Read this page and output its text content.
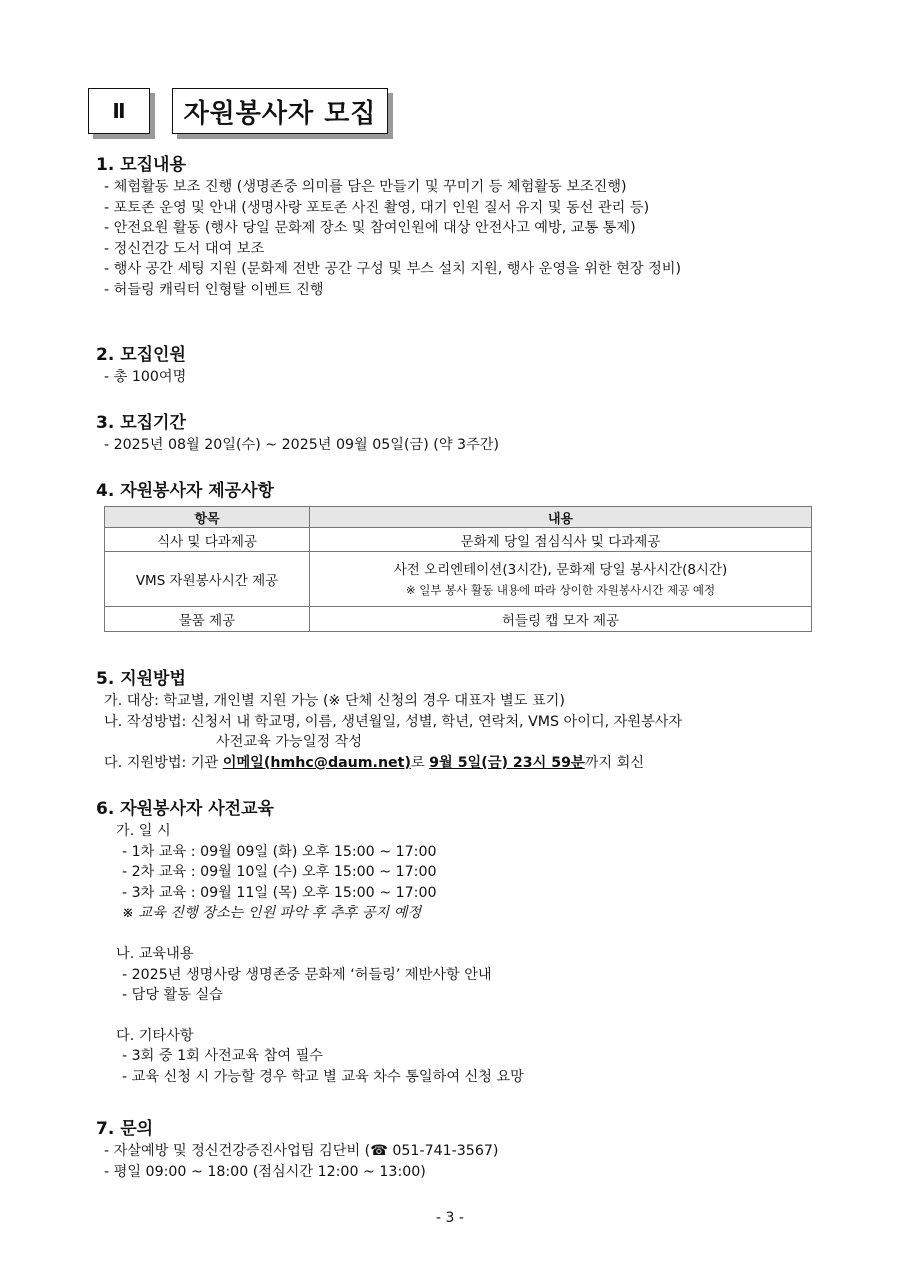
Ⅱ	자원봉사자 모집

1. 모집내용

- 체험활동 보조 진행 (생명존중 의미를 담은 만들기 및 꾸미기 등 체험활동 보조진행)

- 포토존 운영 및 안내 (생명사랑 포토존 사진 촬영, 대기 인원 질서 유지 및 동선 관리 등)

- 안전요원 활동 (행사 당일 문화제 장소 및 참여인원에 대상 안전사고 예방, 교통 통제)

- 정신건강 도서 대여 보조

- 행사 공간 세팅 지원 (문화제 전반 공간 구성 및 부스 설치 지원, 행사 운영을 위한 현장 정비)

- 허들링 캐릭터 인형탈 이벤트 진행

2. 모집인원

- 총 100여명

3. 모집기간

- 2025년 08월 20일(수) ~ 2025년 09월 05일(금) (약 3주간)

4. 자원봉사자 제공사항

항목	내용
식사 및 다과제공	문화제 당일 점심식사 및 다과제공
VMS 자원봉사시간 제공	사전 오리엔테이션(3시간), 문화제 당일 봉사시간(8시간)
※ 일부 봉사 활동 내용에 따라 상이한 자원봉사시간 제공 예정

물품 제공	허들링 캡 모자 제공

5. 지원방법

가. 대상: 학교별, 개인별 지원 가능 (※ 단체 신청의 경우 대표자 별도 표기)

나. 작성방법: 신청서 내 학교명, 이름, 생년월일, 성별, 학년, 연락처, VMS 아이디, 자원봉사자

사전교육 가능일정 작성

다. 지원방법: 기관 이메일(hmhc@daum.net)로 9월 5일(금) 23시 59분까지 회신

6. 자원봉사자 사전교육

가. 일 시

- 1차 교육 : 09월 09일 (화) 오후 15:00 ~ 17:00

- 2차 교육 : 09월 10일 (수) 오후 15:00 ~ 17:00

- 3차 교육 : 09월 11일 (목) 오후 15:00 ~ 17:00

※ 교육 진행 장소는 인원 파악 후 추후 공지 예정

나. 교육내용

- 2025년 생명사랑 생명존중 문화제 ‘허들링’ 제반사항 안내

- 담당 활동 실습

다. 기타사항

- 3회 중 1회 사전교육 참여 필수

- 교육 신청 시 가능할 경우 학교 별 교육 차수 통일하여 신청 요망

7. 문의

- 자살예방 및 정신건강증진사업팀 김단비 (☎ 051-741-3567)

- 평일 09:00 ~ 18:00 (점심시간 12:00 ~ 13:00)

- 3 -
